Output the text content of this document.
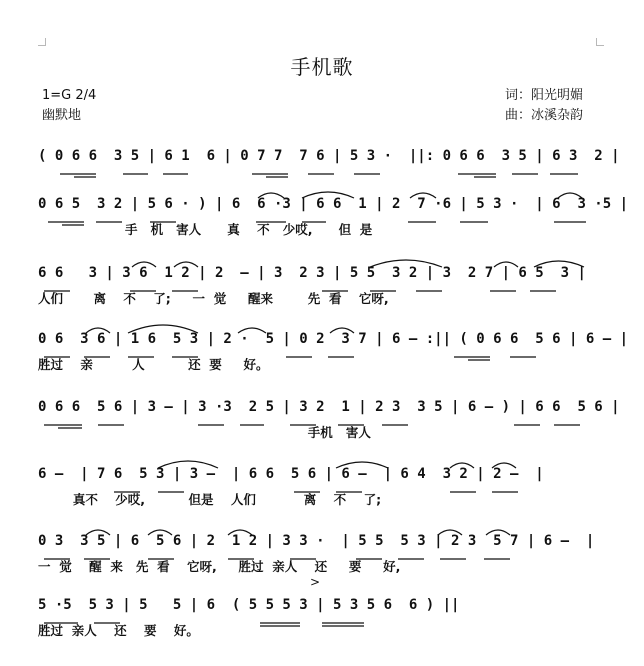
手机歌
1=G 2/4
幽默地
词：阳光明媚
曲：冰溪杂韵
( 0 6 6  3 5 | 6 1  6 | 0 7 7  7 6 | 5 3 ·  ||: 0 6 6  3 5 | 6 3  2 |
0 6 5  3 2 | 5 6 · ) | 6  6 ·3 | 6 6  1 | 2  7 ·6 | 5 3 ·  | 6  3 ·5 |
手   机   害人      真    不   少哎,      但  是
6 6   3 | 3 6  1 2 | 2  — | 3  2 3 | 5 5  3 2 | 3  2 7 | 6 5  3 |
人们       离    不    了;     一  觉     醒来        先  看    它呀,
0 6  3 6 | 1 6  5 3 | 2 ·  5 | 0 2  3 7 | 6 — :|| ( 0 6 6  5 6 | 6 — |
胜过    亲         人          还  要     好。
0 6 6  5 6 | 3 — | 3 ·3  2 5 | 3 2  1 | 2 3  3 5 | 6 — ) | 6 6  5 6 |
手机   害人
6 —  | 7 6  5 3 | 3 —  | 6 6  5 6 | 6 —  | 6 4  3 2 | 2 —  |
真不    少哎,          但是    人们           离    不    了;
0 3  3 5 | 6  5 6 | 2  1 2 | 3 3 ·  | 5 5  5 3 | 2 3  5 7 | 6 —  |
一  觉    醒  来   先  看    它呀,     胜过  亲人    还     要     好,
>
5 ·5  5 3 | 5   5 | 6  ( 5 5 5 3 | 5 3 5 6  6 ) ||
胜过  亲人    还    要    好。
